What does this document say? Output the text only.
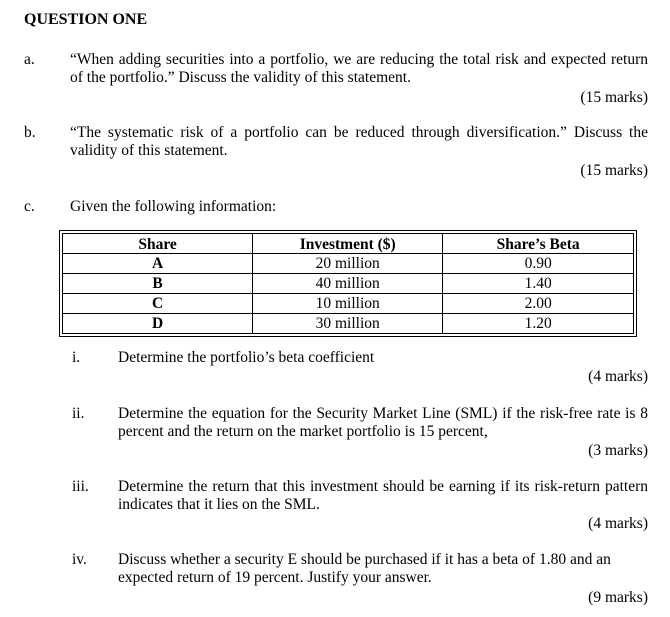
QUESTION ONE
a. “When adding securities into a portfolio, we are reducing the total risk and expected return of the portfolio.” Discuss the validity of this statement.
(15 marks)
b. “The systematic risk of a portfolio can be reduced through diversification.” Discuss the validity of this statement.
(15 marks)
c. Given the following information:
Share	Investment ($)	Share’s Beta
A	20 million	0.90
B	40 million	1.40
C	10 million	2.00
D	30 million	1.20
i. Determine the portfolio’s beta coefficient
(4 marks)
ii. Determine the equation for the Security Market Line (SML) if the risk-free rate is 8 percent and the return on the market portfolio is 15 percent,
(3 marks)
iii. Determine the return that this investment should be earning if its risk-return pattern indicates that it lies on the SML.
(4 marks)
iv. Discuss whether a security E should be purchased if it has a beta of 1.80 and an expected return of 19 percent. Justify your answer.
(9 marks)
